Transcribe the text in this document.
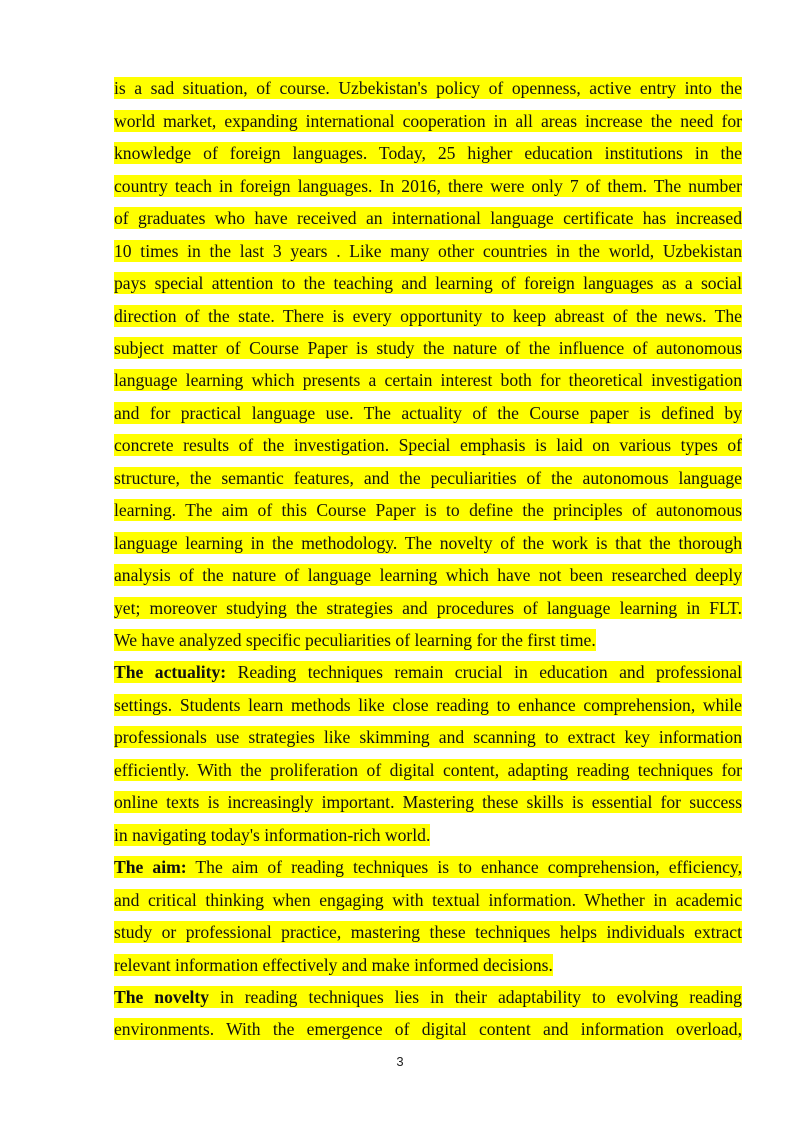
is a sad situation, of course. Uzbekistan's policy of openness, active entry into the
world market, expanding international cooperation in all areas increase the need for
knowledge of foreign languages. Today, 25 higher education institutions in the
country teach in foreign languages. In 2016, there were only 7 of them. The number
of graduates who have received an international language certificate has increased
10 times in the last 3 years . Like many other countries in the world, Uzbekistan
pays special attention to the teaching and learning of foreign languages as a social
direction of the state. There is every opportunity to keep abreast of the news. The
subject matter of Course Paper is study the nature of the influence of autonomous
language learning which presents a certain interest both for theoretical investigation
and for practical language use. The actuality of the Course paper is defined by
concrete results of the investigation. Special emphasis is laid on various types of
structure, the semantic features, and the peculiarities of the autonomous language
learning. The aim of this Course Paper is to define the principles of autonomous
language learning in the methodology. The novelty of the work is that the thorough
analysis of the nature of language learning which have not been researched deeply
yet; moreover studying the strategies and procedures of language learning in FLT.
We have analyzed specific peculiarities of learning for the first time.
The actuality: Reading techniques remain crucial in education and professional
settings. Students learn methods like close reading to enhance comprehension, while
professionals use strategies like skimming and scanning to extract key information
efficiently. With the proliferation of digital content, adapting reading techniques for
online texts is increasingly important. Mastering these skills is essential for success
in navigating today's information-rich world.
The aim: The aim of reading techniques is to enhance comprehension, efficiency,
and critical thinking when engaging with textual information. Whether in academic
study or professional practice, mastering these techniques helps individuals extract
relevant information effectively and make informed decisions.
The novelty in reading techniques lies in their adaptability to evolving reading
environments. With the emergence of digital content and information overload,
3
